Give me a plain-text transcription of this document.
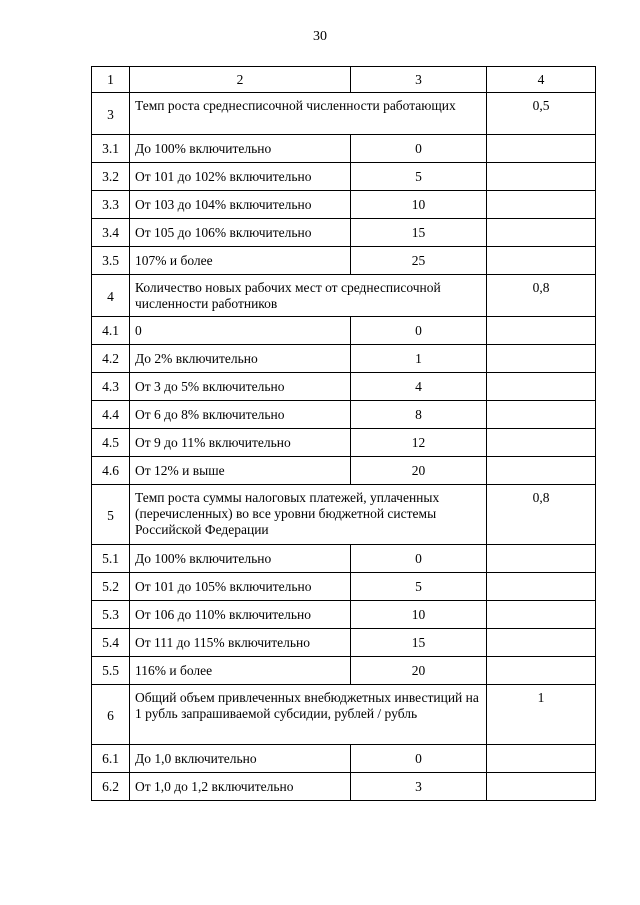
30
1	2	3	4
3	Темп роста среднесписочной численности работающих		0,5
3.1	До 100% включительно	0	
3.2	От 101 до 102% включительно	5	
3.3	От 103 до 104% включительно	10	
3.4	От 105 до 106% включительно	15	
3.5	107% и более	25	
4	Количество новых рабочих мест от среднесписочной численности работников		0,8
4.1	0	0	
4.2	До 2% включительно	1	
4.3	От 3 до 5% включительно	4	
4.4	От 6 до 8% включительно	8	
4.5	От 9 до 11% включительно	12	
4.6	От 12% и выше	20	
5	Темп роста суммы налоговых платежей, уплаченных (перечисленных) во все уровни бюджетной системы Российской Федерации		0,8
5.1	До 100% включительно	0	
5.2	От 101 до 105% включительно	5	
5.3	От 106 до 110% включительно	10	
5.4	От 111 до 115% включительно	15	
5.5	116% и более	20	
6	Общий объем привлеченных внебюджетных инвестиций на 1 рубль запрашиваемой субсидии, рублей / рубль		1
6.1	До 1,0 включительно	0	
6.2	От 1,0 до 1,2 включительно	3	
